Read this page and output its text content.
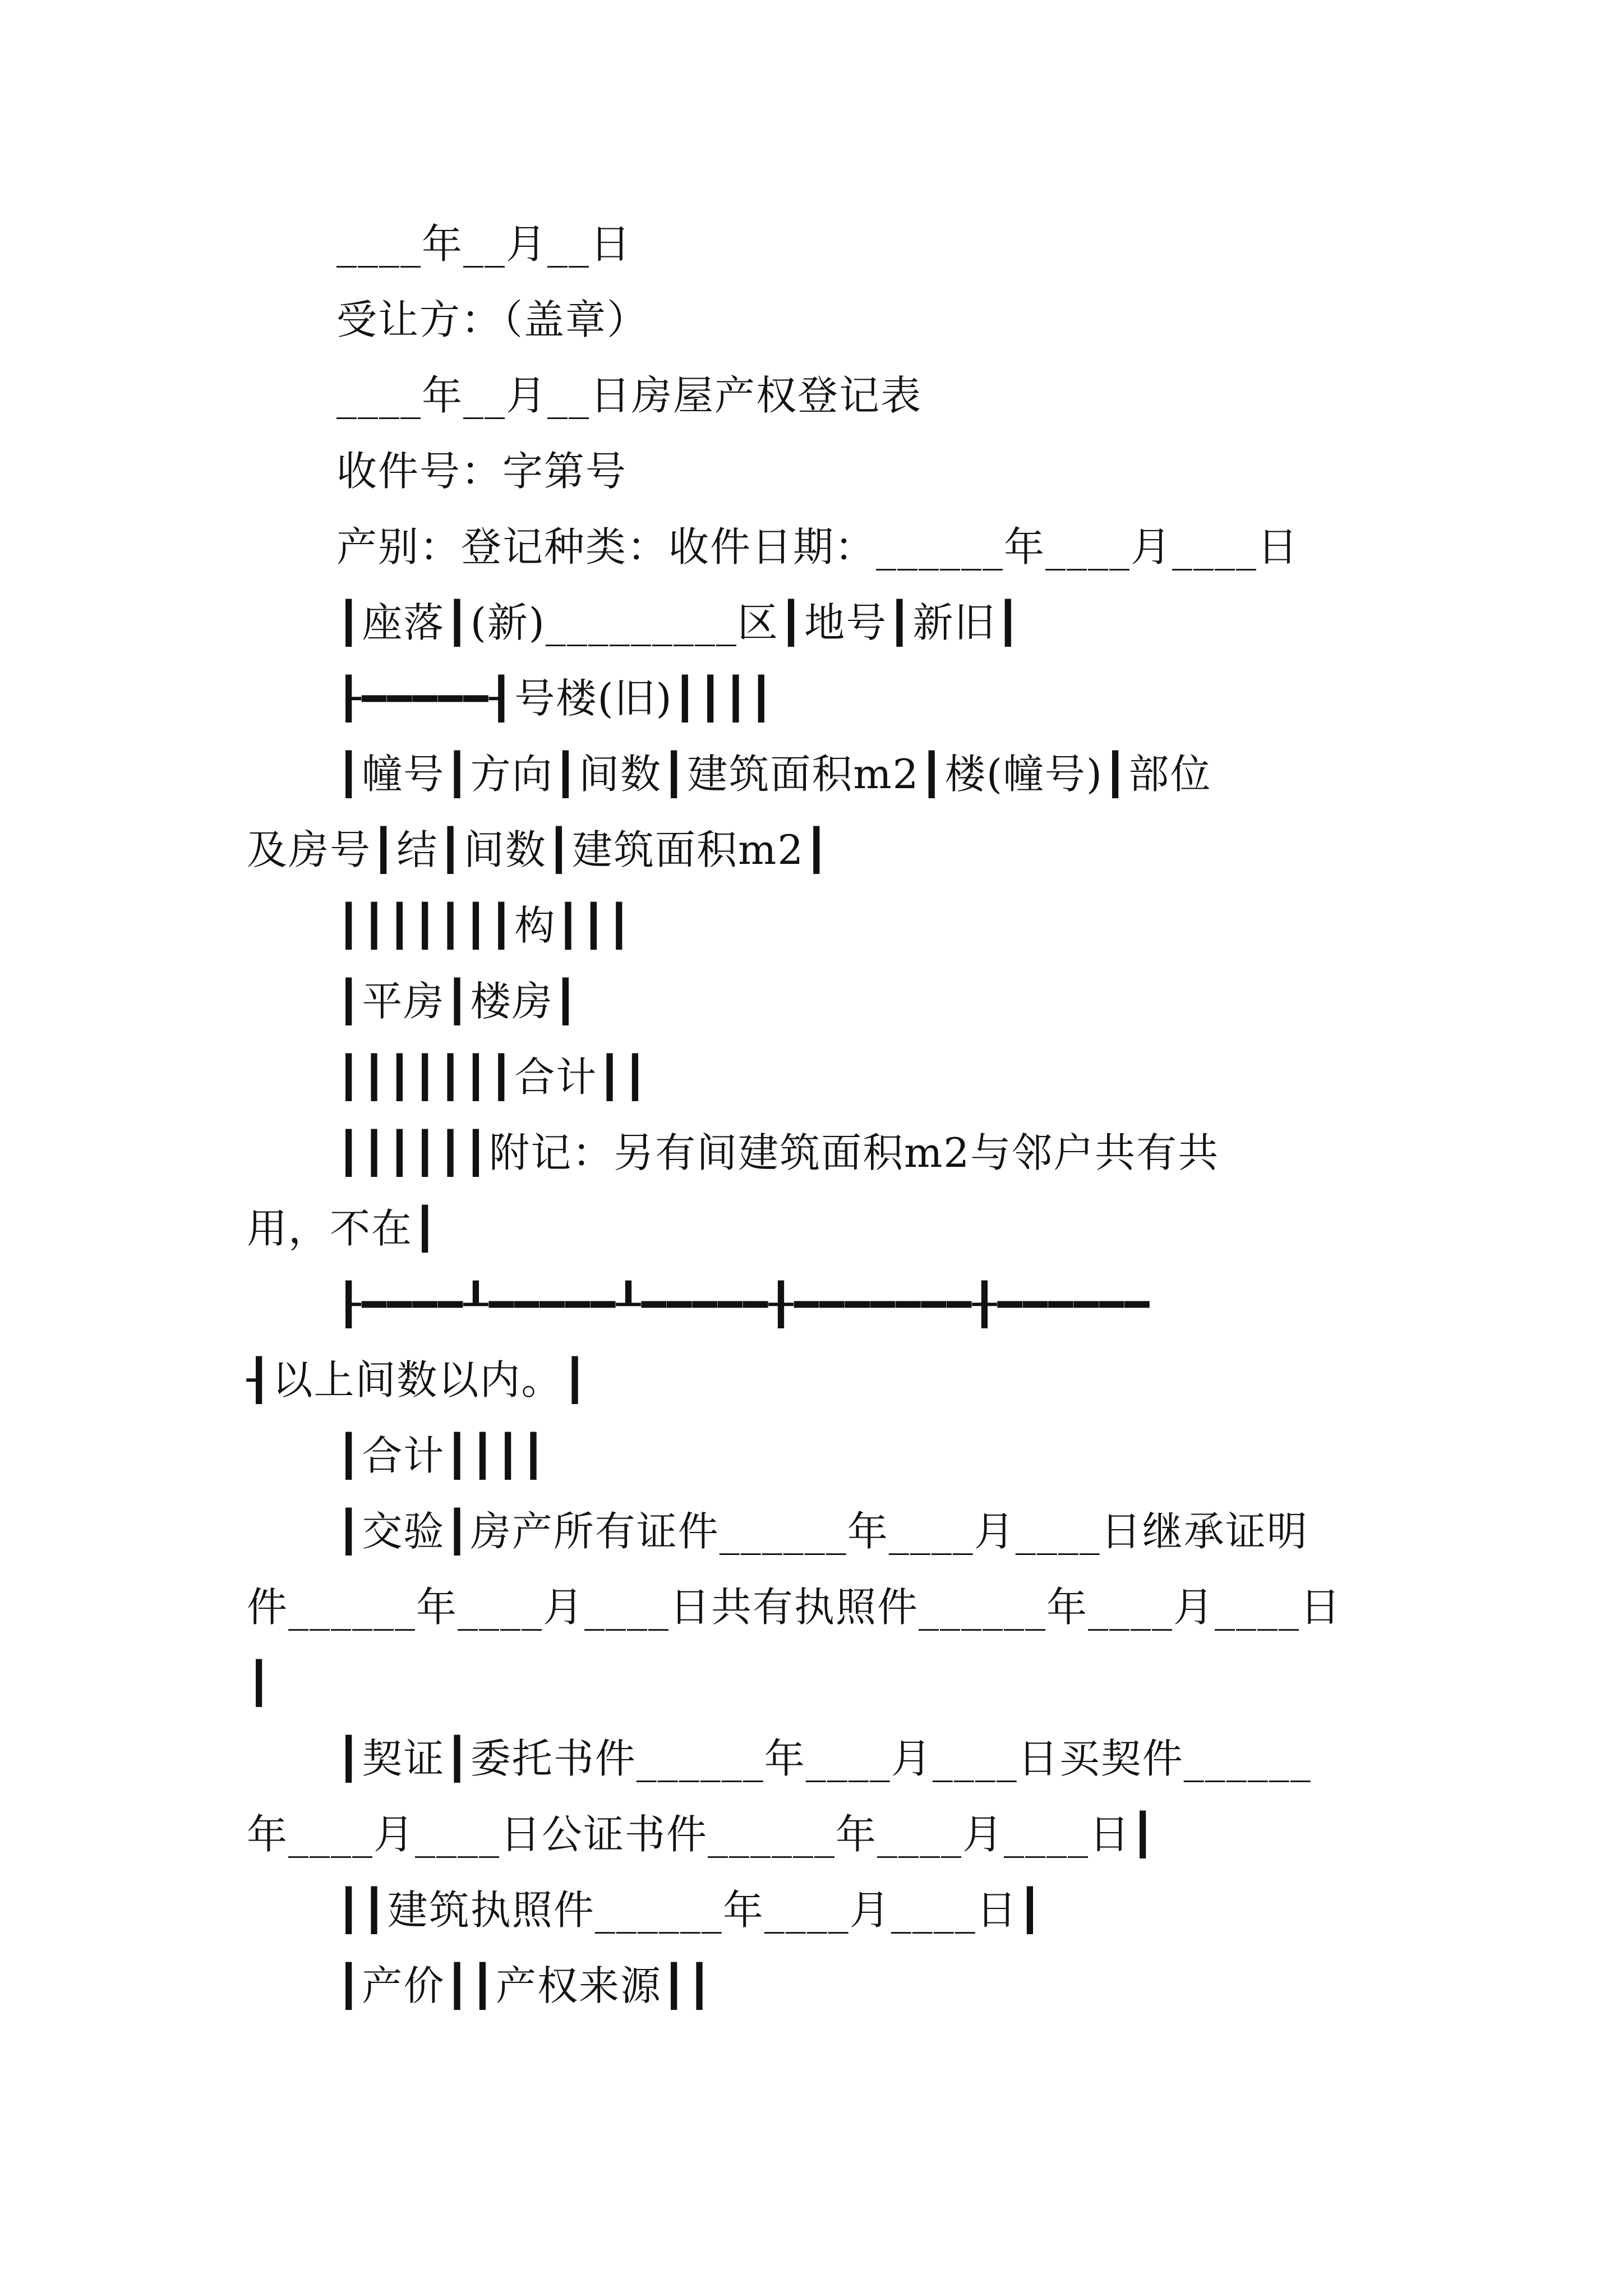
____年__月__日
受让方：（盖章）
____年__月__日房屋产权登记表
收件号：字第号
产别：登记种类：收件日期：______年____月____日
┃座落┃(新)_________区┃地号┃新旧┃
┠━━━━━┨号楼(旧)┃┃┃┃
┃幢号┃方向┃间数┃建筑面积m2┃楼(幢号)┃部位
及房号┃结┃间数┃建筑面积m2┃
┃┃┃┃┃┃┃构┃┃┃
┃平房┃楼房┃
┃┃┃┃┃┃┃合计┃┃
┃┃┃┃┃┃附记：另有间建筑面积m2与邻户共有共
用，不在┃
┠━━━━┸━━━━━┸━━━━━╂━━━━━━━╂━━━━━━
┨以上间数以内。┃
┃合计┃┃┃┃
┃交验┃房产所有证件______年____月____日继承证明
件______年____月____日共有执照件______年____月____日
┃
┃契证┃委托书件______年____月____日买契件______
年____月____日公证书件______年____月____日┃
┃┃建筑执照件______年____月____日┃
┃产价┃┃产权来源┃┃
